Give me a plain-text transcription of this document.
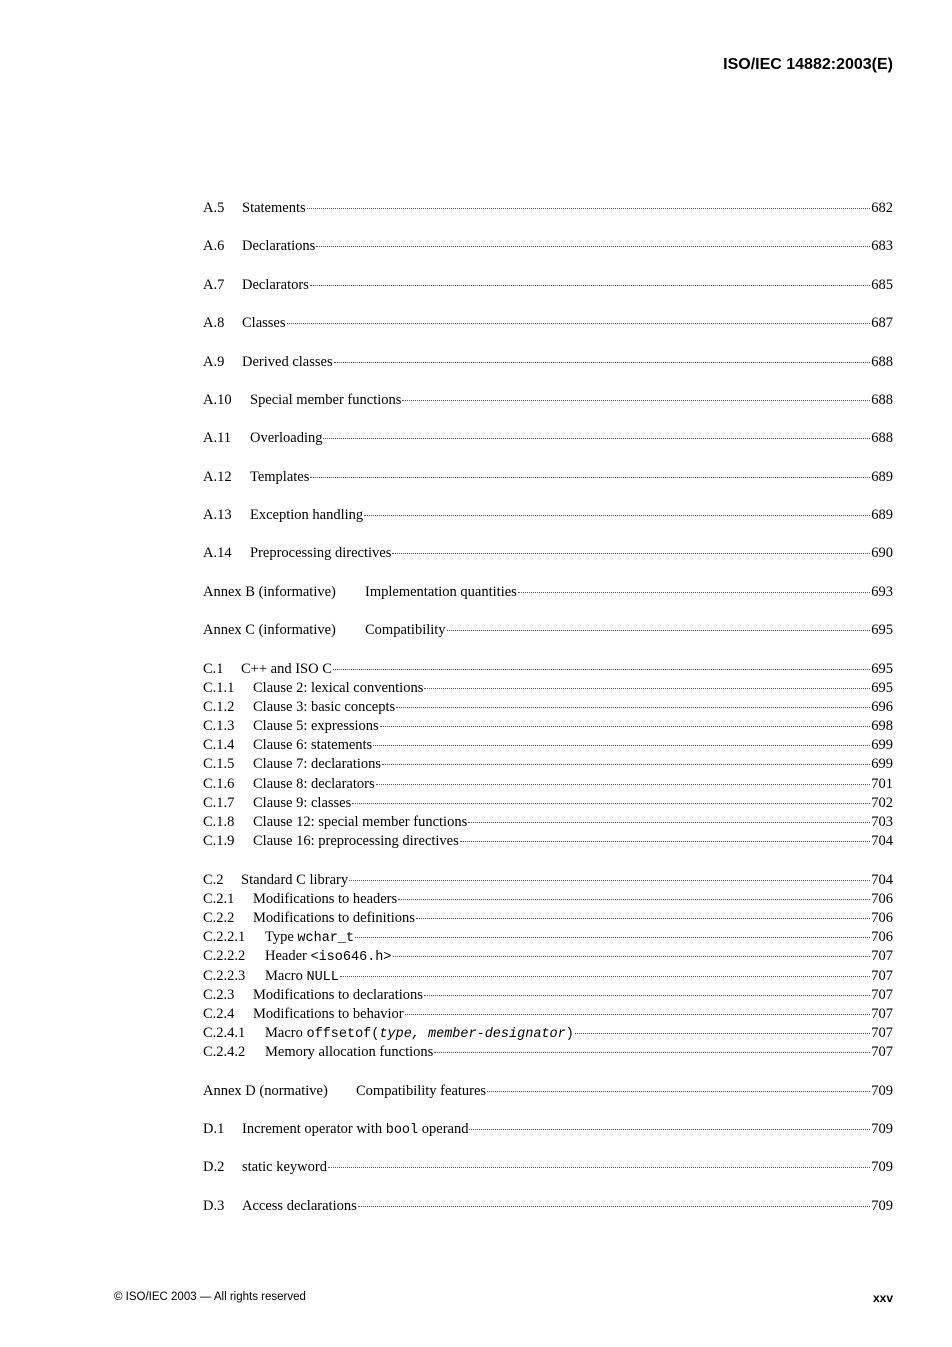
ISO/IEC 14882:2003(E)
A.5	Statements	682
A.6	Declarations	683
A.7	Declarators	685
A.8	Classes	687
A.9	Derived classes	688
A.10	Special member functions	688
A.11	Overloading	688
A.12	Templates	689
A.13	Exception handling	689
A.14	Preprocessing directives	690
Annex B (informative)	Implementation quantities	693
Annex C (informative)	Compatibility	695
C.1	C++ and ISO C	695
C.1.1	Clause 2: lexical conventions	695
C.1.2	Clause 3: basic concepts	696
C.1.3	Clause 5: expressions	698
C.1.4	Clause 6: statements	699
C.1.5	Clause 7: declarations	699
C.1.6	Clause 8: declarators	701
C.1.7	Clause 9: classes	702
C.1.8	Clause 12: special member functions	703
C.1.9	Clause 16: preprocessing directives	704
C.2	Standard C library	704
C.2.1	Modifications to headers	706
C.2.2	Modifications to definitions	706
C.2.2.1	Type wchar_t	706
C.2.2.2	Header <iso646.h>	707
C.2.2.3	Macro NULL	707
C.2.3	Modifications to declarations	707
C.2.4	Modifications to behavior	707
C.2.4.1	Macro offsetof(type, member-designator)	707
C.2.4.2	Memory allocation functions	707
Annex D (normative)	Compatibility features	709
D.1	Increment operator with bool operand	709
D.2	static keyword	709
D.3	Access declarations	709
© ISO/IEC 2003 — All rights reserved	xxv
